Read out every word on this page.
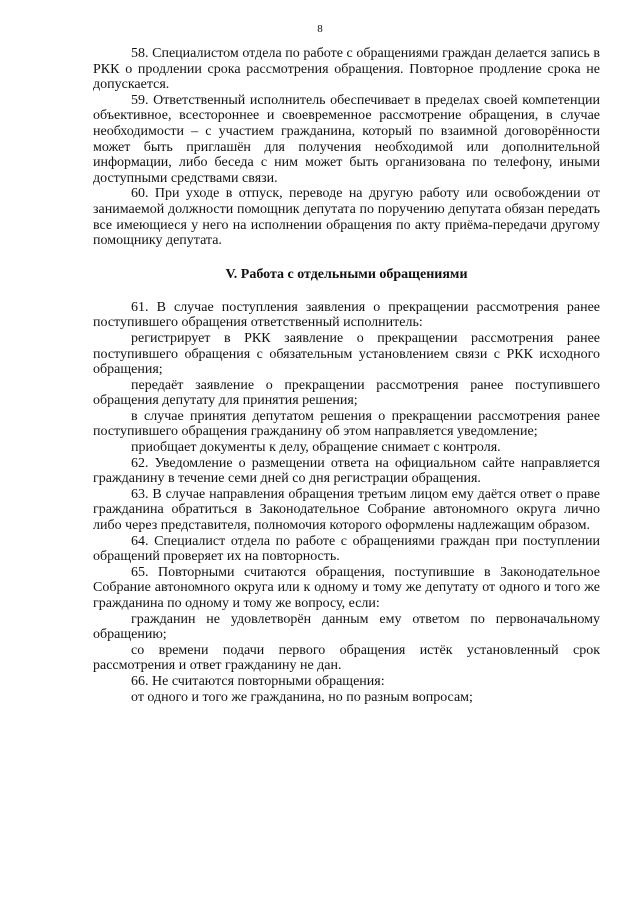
8

58. Специалистом отдела по работе с обращениями граждан делается запись в РКК о продлении срока рассмотрения обращения. Повторное продление срока не допускается.

59. Ответственный исполнитель обеспечивает в пределах своей компетенции объективное, всестороннее и своевременное рассмотрение обращения, в случае необходимости – с участием гражданина, который по взаимной договорённости может быть приглашён для получения необходимой или дополнительной информации, либо беседа с ним может быть организована по телефону, иными доступными средствами связи.

60. При уходе в отпуск, переводе на другую работу или освобождении от занимаемой должности помощник депутата по поручению депутата обязан передать все имеющиеся у него на исполнении обращения по акту приёма-передачи другому помощнику депутата.

V. Работа с отдельными обращениями

61. В случае поступления заявления о прекращении рассмотрения ранее поступившего обращения ответственный исполнитель:

регистрирует в РКК заявление о прекращении рассмотрения ранее поступившего обращения с обязательным установлением связи с РКК исходного обращения;

передаёт заявление о прекращении рассмотрения ранее поступившего обращения депутату для принятия решения;

в случае принятия депутатом решения о прекращении рассмотрения ранее поступившего обращения гражданину об этом направляется уведомление;

приобщает документы к делу, обращение снимает с контроля.

62. Уведомление о размещении ответа на официальном сайте направляется гражданину в течение семи дней со дня регистрации обращения.

63. В случае направления обращения третьим лицом ему даётся ответ о праве гражданина обратиться в Законодательное Собрание автономного округа лично либо через представителя, полномочия которого оформлены надлежащим образом.

64. Специалист отдела по работе с обращениями граждан при поступлении обращений проверяет их на повторность.

65. Повторными считаются обращения, поступившие в Законодательное Собрание автономного округа или к одному и тому же депутату от одного и того же гражданина по одному и тому же вопросу, если:

гражданин не удовлетворён данным ему ответом по первоначальному обращению;

со времени подачи первого обращения истёк установленный срок рассмотрения и ответ гражданину не дан.

66. Не считаются повторными обращения:

от одного и того же гражданина, но по разным вопросам;
